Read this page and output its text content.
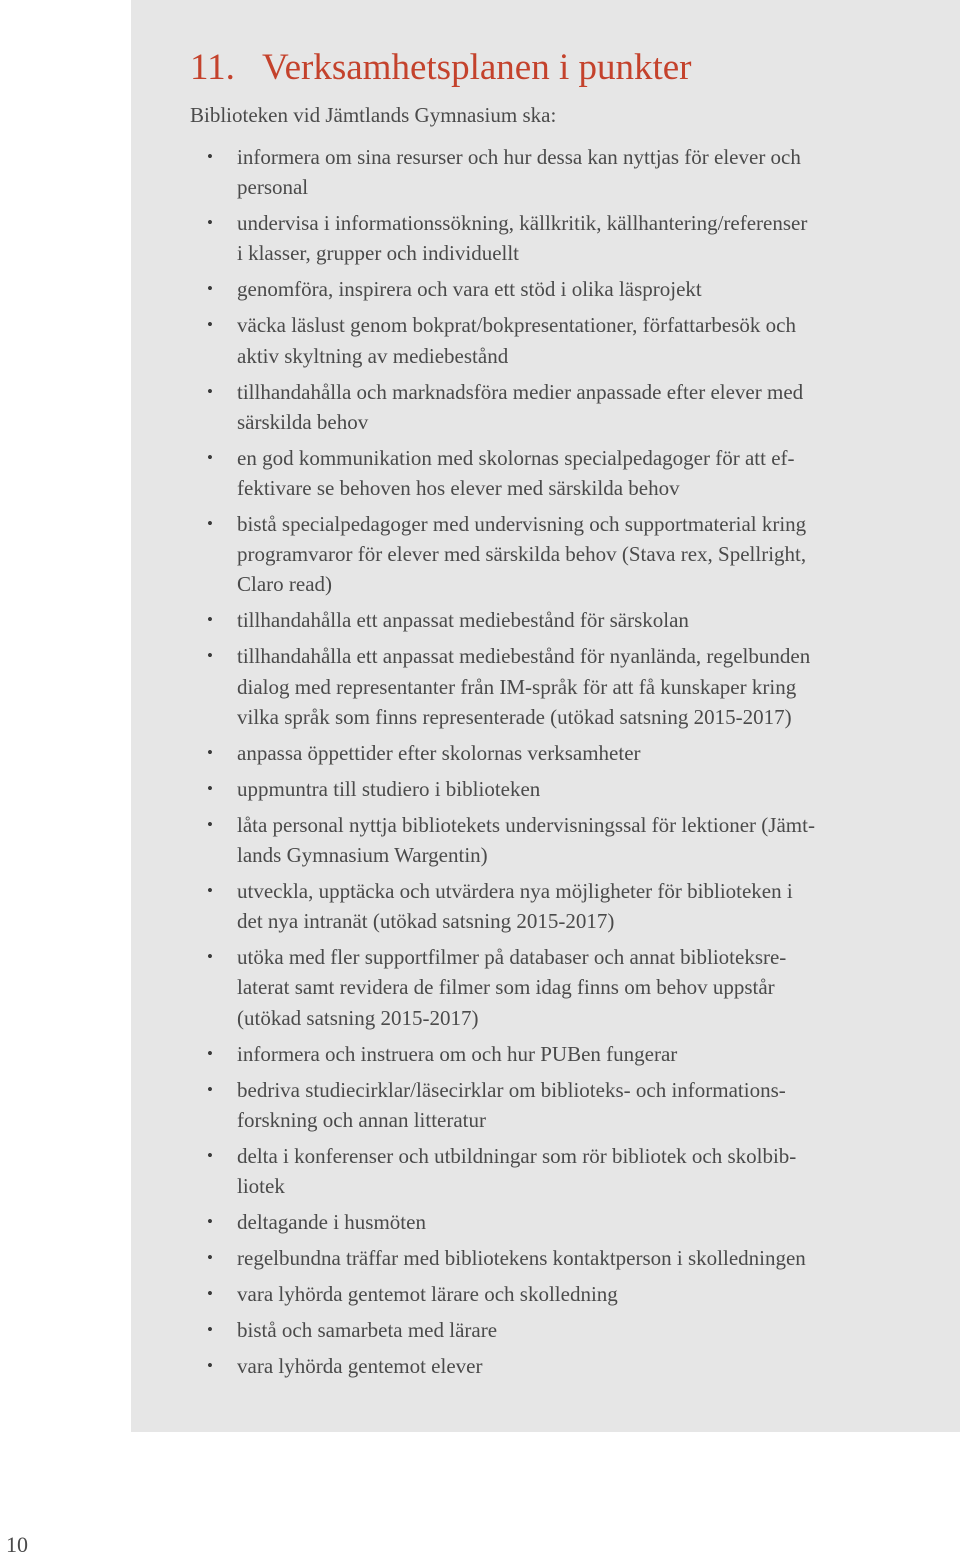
11. Verksamhetsplanen i punkter

Biblioteken vid Jämtlands Gymnasium ska:

• informera om sina resurser och hur dessa kan nyttjas för elever och
personal
• undervisa i informationssökning, källkritik, källhantering/referenser
i klasser, grupper och individuellt
• genomföra, inspirera och vara ett stöd i olika läsprojekt
• väcka läslust genom bokprat/bokpresentationer, författarbesök och
aktiv skyltning av mediebestånd
• tillhandahålla och marknadsföra medier anpassade efter elever med
särskilda behov
• en god kommunikation med skolornas specialpedagoger för att ef-
fektivare se behoven hos elever med särskilda behov
• bistå specialpedagoger med undervisning och supportmaterial kring
programvaror för elever med särskilda behov (Stava rex, Spellright,
Claro read)
• tillhandahålla ett anpassat mediebestånd för särskolan
• tillhandahålla ett anpassat mediebestånd för nyanlända, regelbunden
dialog med representanter från IM-språk för att få kunskaper kring
vilka språk som finns representerade (utökad satsning 2015-2017)
• anpassa öppettider efter skolornas verksamheter
• uppmuntra till studiero i biblioteken
• låta personal nyttja bibliotekets undervisningssal för lektioner (Jämt-
lands Gymnasium Wargentin)
• utveckla, upptäcka och utvärdera nya möjligheter för biblioteken i
det nya intranät (utökad satsning 2015-2017)
• utöka med fler supportfilmer på databaser och annat biblioteksre-
laterat samt revidera de filmer som idag finns om behov uppstår
(utökad satsning 2015-2017)
• informera och instruera om och hur PUBen fungerar
• bedriva studiecirklar/läsecirklar om biblioteks- och informations-
forskning och annan litteratur
• delta i konferenser och utbildningar som rör bibliotek och skolbib-
liotek
• deltagande i husmöten
• regelbundna träffar med bibliotekens kontaktperson i skolledningen
• vara lyhörda gentemot lärare och skolledning
• bistå och samarbeta med lärare
• vara lyhörda gentemot elever

10
